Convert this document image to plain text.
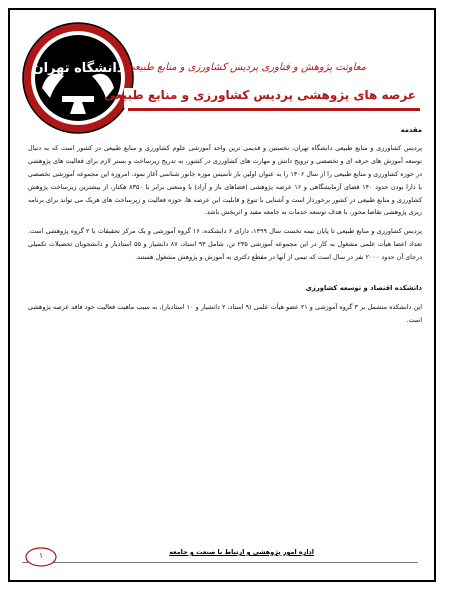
دانشگاه تهران معاونت پژوهش و فناوری پردیس کشاورزی و منابع طبیعی
عرصه های پژوهشی پردیس کشاورزی و منابع طبیعی
مقدمه

پردیس کشاورزی و منابع طبیعی دانشگاه تهران، نخستین و قدیمی ترین واحد آموزشی علوم کشاورزی و منابع طبیعی در کشور است که به دنبال توسعه آموزش های حرفه ای و تخصصی و ترویج دانش و مهارت های کشاورزی در کشور، به تدریج زیرساخت و بستر لازم برای فعالیت های پژوهشی در حوزه کشاورزی و منابع طبیعی را از سال ۱۳۰۶ را به عنوان اولین بار تأسیس موزه جانور شناسی آغاز نمود. امروزه این مجموعه آموزشی تخصصی با دارا بودن حدود ۱۴۰ فضای آزمایشگاهی و ۱۶ عرصه پژوهشی (فضاهای باز و آزاد) با وسعتی برابر با ۸۳۵۰ هکتار، از بیشترین زیرساخت پژوهش کشاورزی و منابع طبیعی در کشور برخوردار است و آشنایی با تنوع و قابلیت این عرصه ها، حوزه فعالیت و زیرساخت های هریک می تواند برای برنامه ریزی پژوهشی تقاضا محور، با هدف توسعه خدمات به جامعه مفید و اثربخش باشد.

پردیس کشاورزی و منابع طبیعی تا پایان نیمه نخست سال ۱۳۹۹، دارای ۶ دانشکده، ۱۶ گروه آموزشی و یک مرکز تحقیقات با ۲ گروه پژوهشی است. تعداد اعضا هیأت علمی مشغول به کار در این مجموعه آموزشی ۲۳۵ تن، شامل ۹۳ استاد، ۸۷ دانشیار و ۵۵ استادیار و دانشجویان تحصیلات تکمیلی درجای آن حدود ۲۰۰۰ نفر در سال است که تیمی از آنها در مقطع دکتری به آموزش و پژوهش مشغول هستند.

دانشکده اقتصاد و توسعه کشاورزی

این دانشکده متشمل بر ۳ گروه آموزشی و ۲۱ عضو هیأت علمی (۹ استاد، ۲ دانشیار و ۱۰ استادیار)، به سبب ماهیت فعالیت خود فاقد عرصه پژوهشی است.

اداره امور پژوهشی و ارتباط با صنعت و جامعه
۱
